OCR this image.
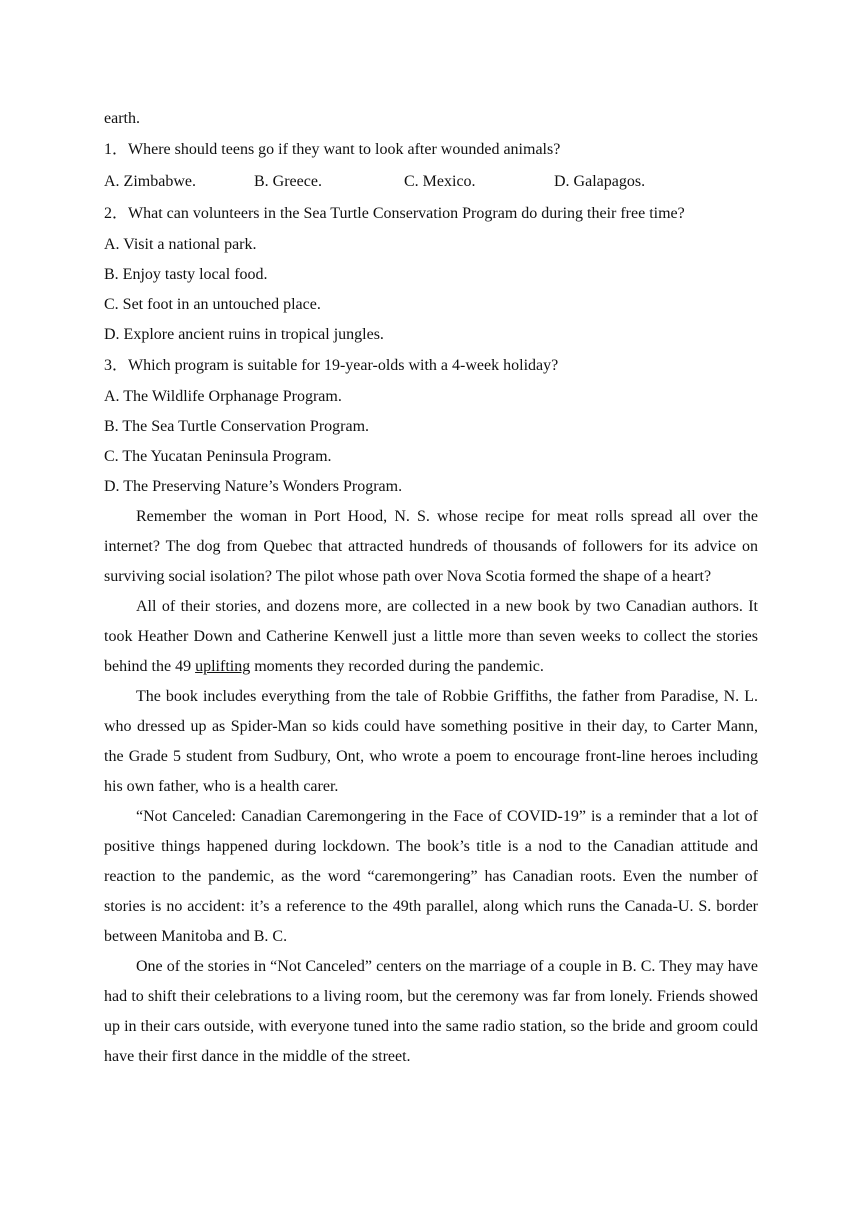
earth.
1．Where should teens go if they want to look after wounded animals?
A. Zimbabwe.	B. Greece.	C. Mexico.	D. Galapagos.
2．What can volunteers in the Sea Turtle Conservation Program do during their free time?
A. Visit a national park.
B. Enjoy tasty local food.
C. Set foot in an untouched place.
D. Explore ancient ruins in tropical jungles.
3．Which program is suitable for 19-year-olds with a 4-week holiday?
A. The Wildlife Orphanage Program.
B. The Sea Turtle Conservation Program.
C. The Yucatan Peninsula Program.
D. The Preserving Nature’s Wonders Program.

Remember the woman in Port Hood, N. S. whose recipe for meat rolls spread all over the internet? The dog from Quebec that attracted hundreds of thousands of followers for its advice on surviving social isolation? The pilot whose path over Nova Scotia formed the shape of a heart?

All of their stories, and dozens more, are collected in a new book by two Canadian authors. It took Heather Down and Catherine Kenwell just a little more than seven weeks to collect the stories behind the 49 uplifting moments they recorded during the pandemic.

The book includes everything from the tale of Robbie Griffiths, the father from Paradise, N. L. who dressed up as Spider-Man so kids could have something positive in their day, to Carter Mann, the Grade 5 student from Sudbury, Ont, who wrote a poem to encourage front-line heroes including his own father, who is a health carer.

“Not Canceled: Canadian Caremongering in the Face of COVID-19” is a reminder that a lot of positive things happened during lockdown. The book’s title is a nod to the Canadian attitude and reaction to the pandemic, as the word “caremongering” has Canadian roots. Even the number of stories is no accident: it’s a reference to the 49th parallel, along which runs the Canada-U. S. border between Manitoba and B. C.

One of the stories in “Not Canceled” centers on the marriage of a couple in B. C. They may have had to shift their celebrations to a living room, but the ceremony was far from lonely. Friends showed up in their cars outside, with everyone tuned into the same radio station, so the bride and groom could have their first dance in the middle of the street.
